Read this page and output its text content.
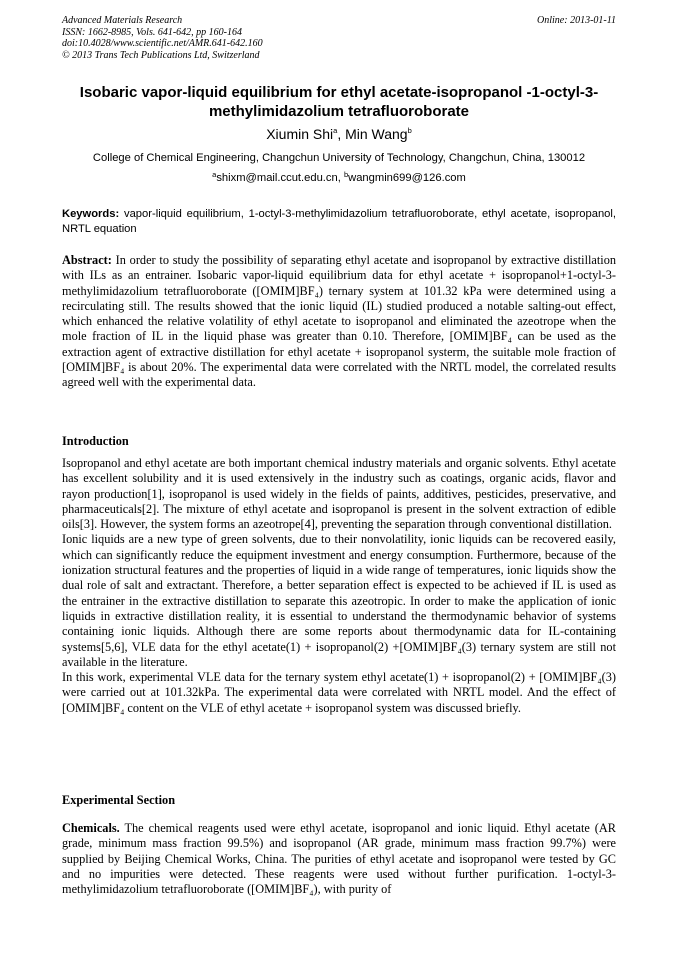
Advanced Materials Research
ISSN: 1662-8985, Vols. 641-642, pp 160-164
doi:10.4028/www.scientific.net/AMR.641-642.160
© 2013 Trans Tech Publications Ltd, Switzerland
Online: 2013-01-11
Isobaric vapor-liquid equilibrium for ethyl acetate-isopropanol -1-octyl-3- methylimidazolium tetrafluoroborate
Xiumin Shi$^a$, Min Wang$^b$
College of Chemical Engineering, Changchun University of Technology, Changchun, China, 130012
$^a$shixm@mail.ccut.edu.cn, $^b$wangmin699@126.com
Keywords: vapor-liquid equilibrium, 1-octyl-3-methylimidazolium tetrafluoroborate, ethyl acetate, isopropanol, NRTL equation
Abstract: In order to study the possibility of separating ethyl acetate and isopropanol by extractive distillation with ILs as an entrainer. Isobaric vapor-liquid equilibrium data for ethyl acetate + isopropanol+1-octyl-3-methylimidazolium tetrafluoroborate ([OMIM]BF₄) ternary system at 101.32 kPa were determined using a recirculating still. The results showed that the ionic liquid (IL) studied produced a notable salting-out effect, which enhanced the relative volatility of ethyl acetate to isopropanol and eliminated the azeotrope when the mole fraction of IL in the liquid phase was greater than 0.10. Therefore, [OMIM]BF₄ can be used as the extraction agent of extractive distillation for ethyl acetate + isopropanol systerm, the suitable mole fraction of [OMIM]BF₄ is about 20%. The experimental data were correlated with the NRTL model, the correlated results agreed well with the experimental data.
Introduction

Isopropanol and ethyl acetate are both important chemical industry materials and organic solvents. Ethyl acetate has excellent solubility and it is used extensively in the industry such as coatings, organic acids, flavor and rayon production[1], isopropanol is used widely in the fields of paints, additives, pesticides, preservative, and pharmaceuticals[2]. The mixture of ethyl acetate and isopropanol is present in the solvent extraction of edible oils[3]. However, the system forms an azeotrope[4], preventing the separation through conventional distillation.

Ionic liquids are a new type of green solvents, due to their nonvolatility, ionic liquids can be recovered easily, which can significantly reduce the equipment investment and energy consumption. Furthermore, because of the ionization structural features and the properties of liquid in a wide range of temperatures, ionic liquids show the dual role of salt and extractant. Therefore, a better separation effect is expected to be achieved if IL is used as the entrainer in the extractive distillation to separate this azeotropic. In order to make the application of ionic liquids in extractive distillation reality, it is essential to understand the thermodynamic behavior of systems containing ionic liquids. Although there are some reports about thermodynamic data for IL-containing systems[5,6], VLE data for the ethyl acetate(1) + isopropanol(2) +[OMIM]BF₄(3) ternary system are still not available in the literature.

In this work, experimental VLE data for the ternary system ethyl acetate(1) + isopropanol(2) + [OMIM]BF₄(3) were carried out at 101.32kPa. The experimental data were correlated with NRTL model. And the effect of [OMIM]BF₄ content on the VLE of ethyl acetate + isopropanol system was discussed briefly.

Experimental Section
Chemicals. The chemical reagents used were ethyl acetate, isopropanol and ionic liquid. Ethyl acetate (AR grade, minimum mass fraction 99.5%) and isopropanol (AR grade, minimum mass fraction 99.7%) were supplied by Beijing Chemical Works, China. The purities of ethyl acetate and isopropanol were tested by GC and no impurities were detected. These reagents were used without further purification. 1-octyl-3-methylimidazolium tetrafluoroborate ([OMIM]BF₄), with purity of
